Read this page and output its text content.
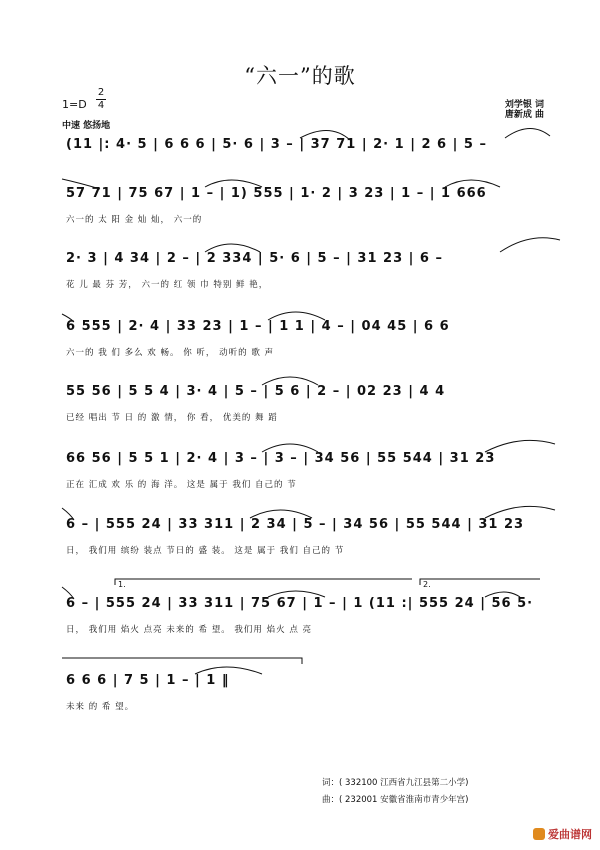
“六一”的歌
1=D
2
4
中速 悠扬地
刘学银 词
唐新成 曲
(11 |: 4· 5 | 6 6 6 | 5· 6 | 3 – | 37 71 | 2· 1 | 2 6 | 5 –
57 71 | 75 67 | 1 – | 1) 555 | 1· 2 | 3 23 | 1 – | 1 666
六一的 太 阳 金 灿 灿， 六一的
2· 3 | 4 34 | 2 – | 2 334 | 5· 6 | 5 – | 31 23 | 6 –
花 儿 最 芬 芳， 六一的 红 领 巾 特别 鲜 艳，
6 555 | 2· 4 | 33 23 | 1 – | 1 1 | 4 – | 04 45 | 6 6
六一的 我 们 多么 欢 畅。 你 听， 动听的 歌 声
55 56 | 5 5 4 | 3· 4 | 5 – | 5 6 | 2 – | 02 23 | 4 4
已经 唱出 节 日 的 激 情， 你 看， 优美的 舞 蹈
66 56 | 5 5 1 | 2· 4 | 3 – | 3 – | 34 56 | 55 544 | 31 23
正在 汇成 欢 乐 的 海 洋。 这是 属于 我们 自己的 节
6 – | 555 24 | 33 311 | 2 34 | 5 – | 34 56 | 55 544 | 31 23
日， 我们用 缤纷 装点 节日的 盛 装。 这是 属于 我们 自己的 节
6 – | 555 24 | 33 311 | 75 67 | 1 – | 1 (11 :| 555 24 | 56 5·
日， 我们用 焰火 点亮 未来的 希 望。 我们用 焰火 点 亮
1.	2.
6 6 6 | 7 5 | 1 – | 1 ‖
未来 的 希 望。
词：( 332100 江西省九江县第二小学)
曲：( 232001 安徽省淮南市青少年宫)
爱曲谱网
